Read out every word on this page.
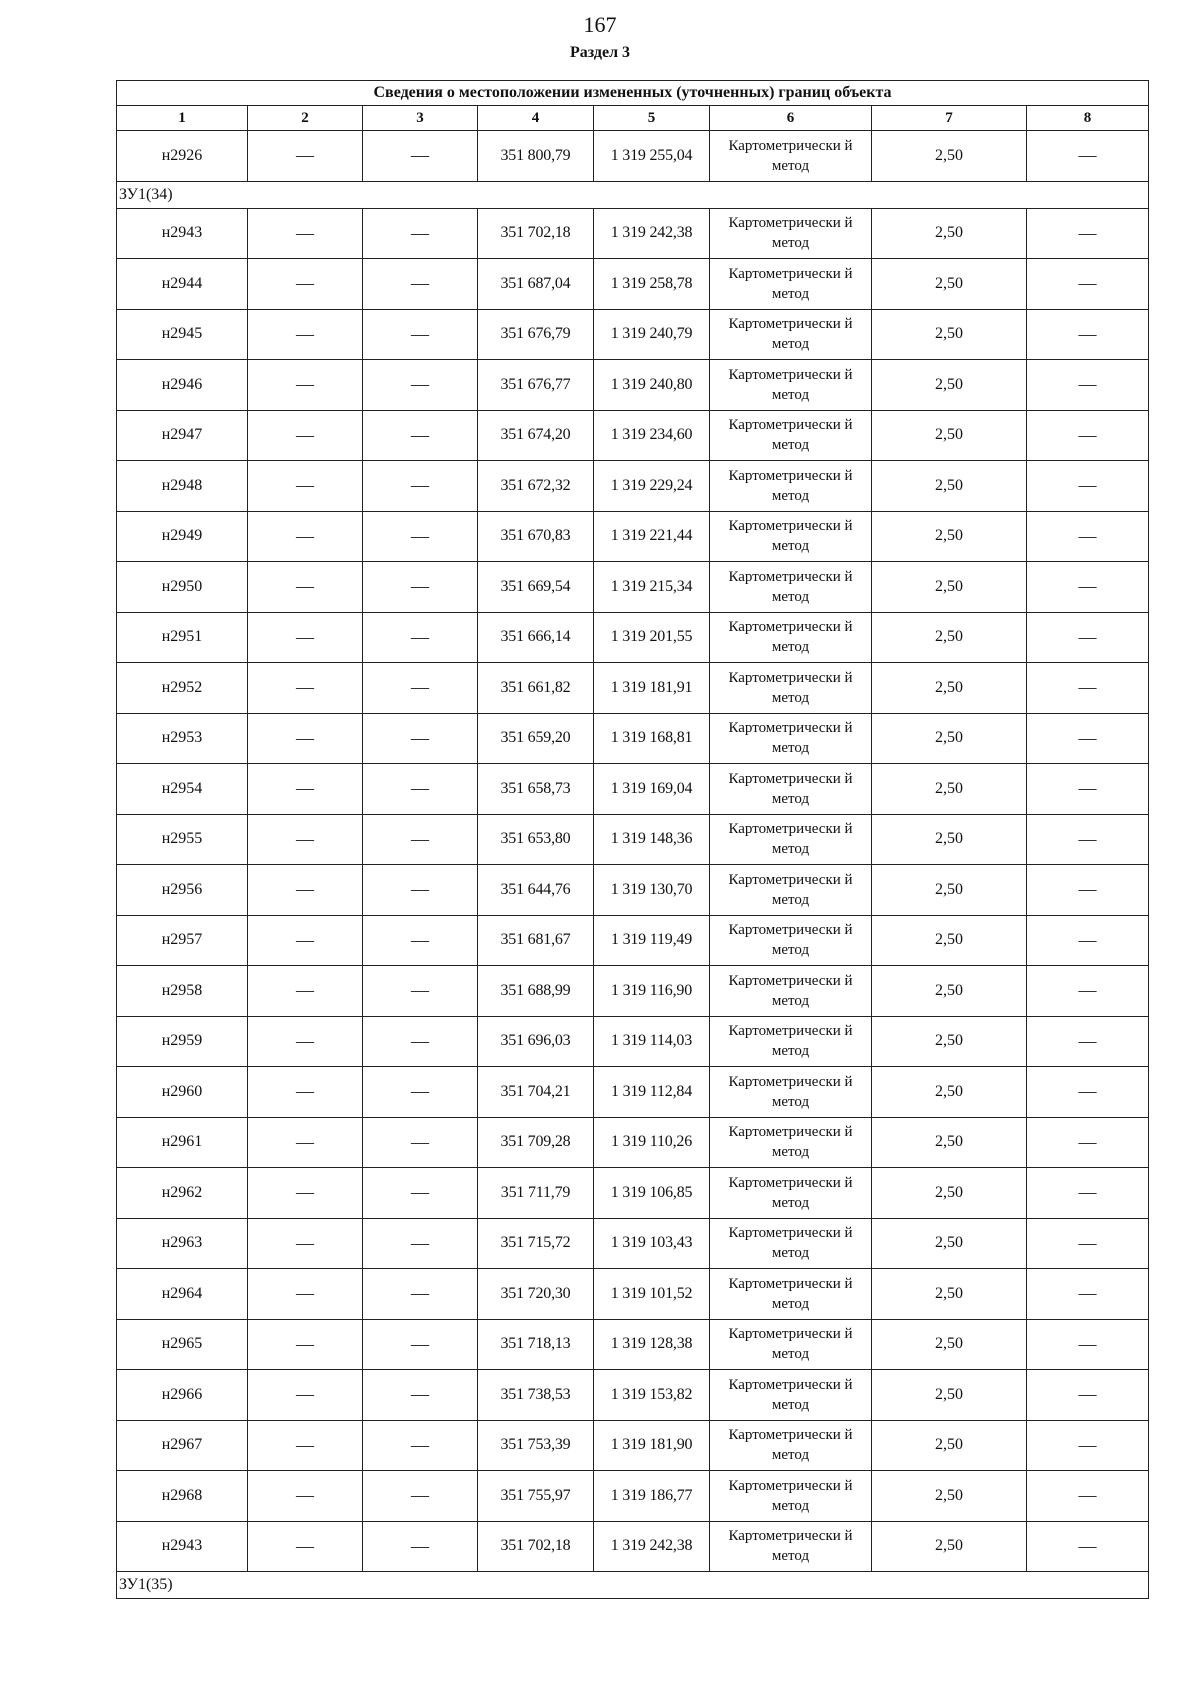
167
Раздел 3
Сведения о местоположении измененных (уточненных) границ объекта							
1	2	3	4	5	6	7	8
н2926	—	—	351 800,79	1 319 255,04	Картометрически й метод	2,50	—
ЗУ1(34)							
н2943	—	—	351 702,18	1 319 242,38	Картометрически й метод	2,50	—
н2944	—	—	351 687,04	1 319 258,78	Картометрически й метод	2,50	—
н2945	—	—	351 676,79	1 319 240,79	Картометрически й метод	2,50	—
н2946	—	—	351 676,77	1 319 240,80	Картометрически й метод	2,50	—
н2947	—	—	351 674,20	1 319 234,60	Картометрически й метод	2,50	—
н2948	—	—	351 672,32	1 319 229,24	Картометрически й метод	2,50	—
н2949	—	—	351 670,83	1 319 221,44	Картометрически й метод	2,50	—
н2950	—	—	351 669,54	1 319 215,34	Картометрически й метод	2,50	—
н2951	—	—	351 666,14	1 319 201,55	Картометрически й метод	2,50	—
н2952	—	—	351 661,82	1 319 181,91	Картометрически й метод	2,50	—
н2953	—	—	351 659,20	1 319 168,81	Картометрически й метод	2,50	—
н2954	—	—	351 658,73	1 319 169,04	Картометрически й метод	2,50	—
н2955	—	—	351 653,80	1 319 148,36	Картометрически й метод	2,50	—
н2956	—	—	351 644,76	1 319 130,70	Картометрически й метод	2,50	—
н2957	—	—	351 681,67	1 319 119,49	Картометрически й метод	2,50	—
н2958	—	—	351 688,99	1 319 116,90	Картометрически й метод	2,50	—
н2959	—	—	351 696,03	1 319 114,03	Картометрически й метод	2,50	—
н2960	—	—	351 704,21	1 319 112,84	Картометрически й метод	2,50	—
н2961	—	—	351 709,28	1 319 110,26	Картометрически й метод	2,50	—
н2962	—	—	351 711,79	1 319 106,85	Картометрически й метод	2,50	—
н2963	—	—	351 715,72	1 319 103,43	Картометрически й метод	2,50	—
н2964	—	—	351 720,30	1 319 101,52	Картометрически й метод	2,50	—
н2965	—	—	351 718,13	1 319 128,38	Картометрически й метод	2,50	—
н2966	—	—	351 738,53	1 319 153,82	Картометрически й метод	2,50	—
н2967	—	—	351 753,39	1 319 181,90	Картометрически й метод	2,50	—
н2968	—	—	351 755,97	1 319 186,77	Картометрически й метод	2,50	—
н2943	—	—	351 702,18	1 319 242,38	Картометрически й метод	2,50	—
ЗУ1(35)							
